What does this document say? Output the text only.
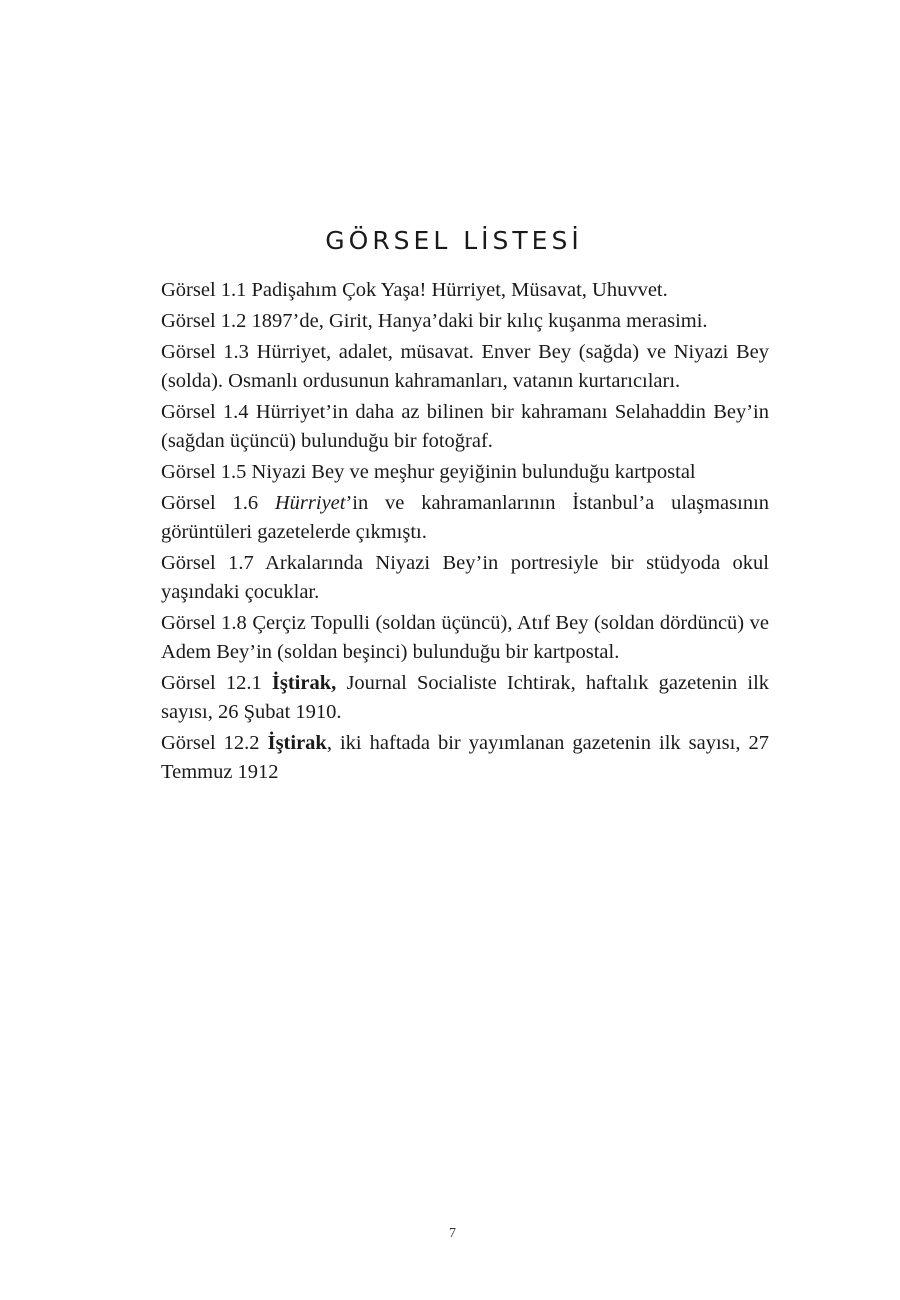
GÖRSEL LİSTESİ

Görsel 1.1 Padişahım Çok Yaşa! Hürriyet, Müsavat, Uhuvvet.

Görsel 1.2 1897’de, Girit, Hanya’daki bir kılıç kuşanma merasimi.

Görsel 1.3 Hürriyet, adalet, müsavat. Enver Bey (sağda) ve Niyazi Bey (solda). Osmanlı ordusunun kahramanları, vatanın kurtarıcıları.

Görsel 1.4 Hürriyet’in daha az bilinen bir kahramanı Selahaddin Bey’in (sağdan üçüncü) bulunduğu bir fotoğraf.

Görsel 1.5 Niyazi Bey ve meşhur geyiğinin bulunduğu kartpostal

Görsel 1.6 Hürriyet’in ve kahramanlarının İstanbul’a ulaşmasının görüntüleri gazetelerde çıkmıştı.

Görsel 1.7 Arkalarında Niyazi Bey’in portresiyle bir stüdyoda okul yaşındaki çocuklar.

Görsel 1.8 Çerçiz Topulli (soldan üçüncü), Atıf Bey (soldan dördüncü) ve Adem Bey’in (soldan beşinci) bulunduğu bir kartpostal.

Görsel 12.1 İştirak, Journal Socialiste Ichtirak, haftalık gazetenin ilk sayısı, 26 Şubat 1910.

Görsel 12.2 İştirak, iki haftada bir yayımlanan gazetenin ilk sayısı, 27 Temmuz 1912

7
